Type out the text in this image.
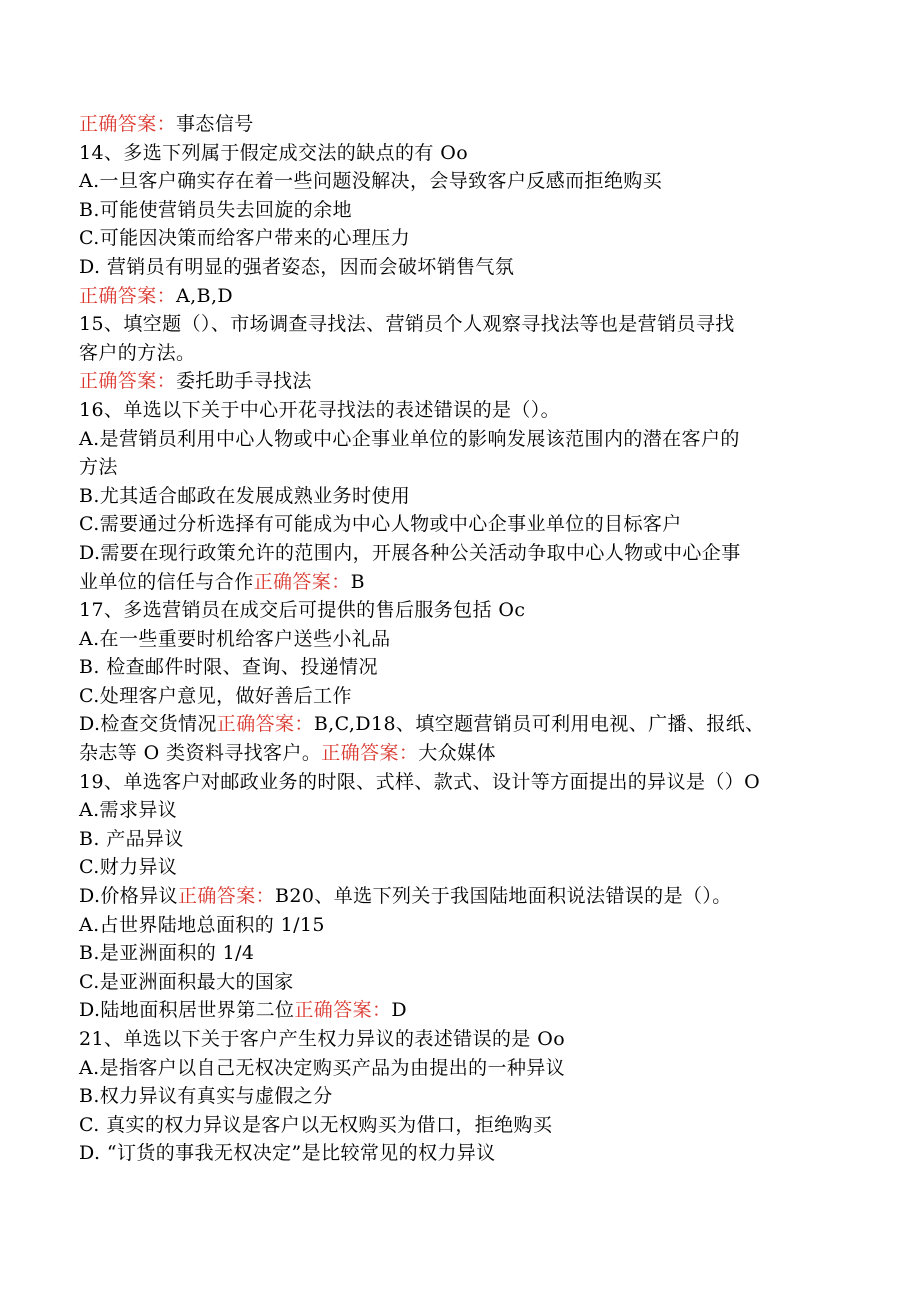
正确答案：事态信号
14、多选下列属于假定成交法的缺点的有 Oo
A.一旦客户确实存在着一些问题没解决，会导致客户反感而拒绝购买
B.可能使营销员失去回旋的余地
C.可能因决策而给客户带来的心理压力
D. 营销员有明显的强者姿态，因而会破坏销售气氛
正确答案：A,B,D
15、填空题（）、市场调查寻找法、营销员个人观察寻找法等也是营销员寻找
客户的方法。
正确答案：委托助手寻找法
16、单选以下关于中心开花寻找法的表述错误的是（）。
A.是营销员利用中心人物或中心企事业单位的影响发展该范围内的潜在客户的
方法
B.尤其适合邮政在发展成熟业务时使用
C.需要通过分析选择有可能成为中心人物或中心企事业单位的目标客户
D.需要在现行政策允许的范围内，开展各种公关活动争取中心人物或中心企事
业单位的信任与合作正确答案：B
17、多选营销员在成交后可提供的售后服务包括 Oc
A.在一些重要时机给客户送些小礼品
B. 检查邮件时限、查询、投递情况
C.处理客户意见，做好善后工作
D.检查交货情况正确答案：B,C,D18、填空题营销员可利用电视、广播、报纸、
杂志等 O 类资料寻找客户。正确答案：大众媒体
19、单选客户对邮政业务的时限、式样、款式、设计等方面提出的异议是（）O
A.需求异议
B. 产品异议
C.财力异议
D.价格异议正确答案：B20、单选下列关于我国陆地面积说法错误的是（）。
A.占世界陆地总面积的 1/15
B.是亚洲面积的 1/4
C.是亚洲面积最大的国家
D.陆地面积居世界第二位正确答案：D
21、单选以下关于客户产生权力异议的表述错误的是 Oo
A.是指客户以自己无权决定购买产品为由提出的一种异议
B.权力异议有真实与虚假之分
C. 真实的权力异议是客户以无权购买为借口，拒绝购买
D. “订货的事我无权决定”是比较常见的权力异议
